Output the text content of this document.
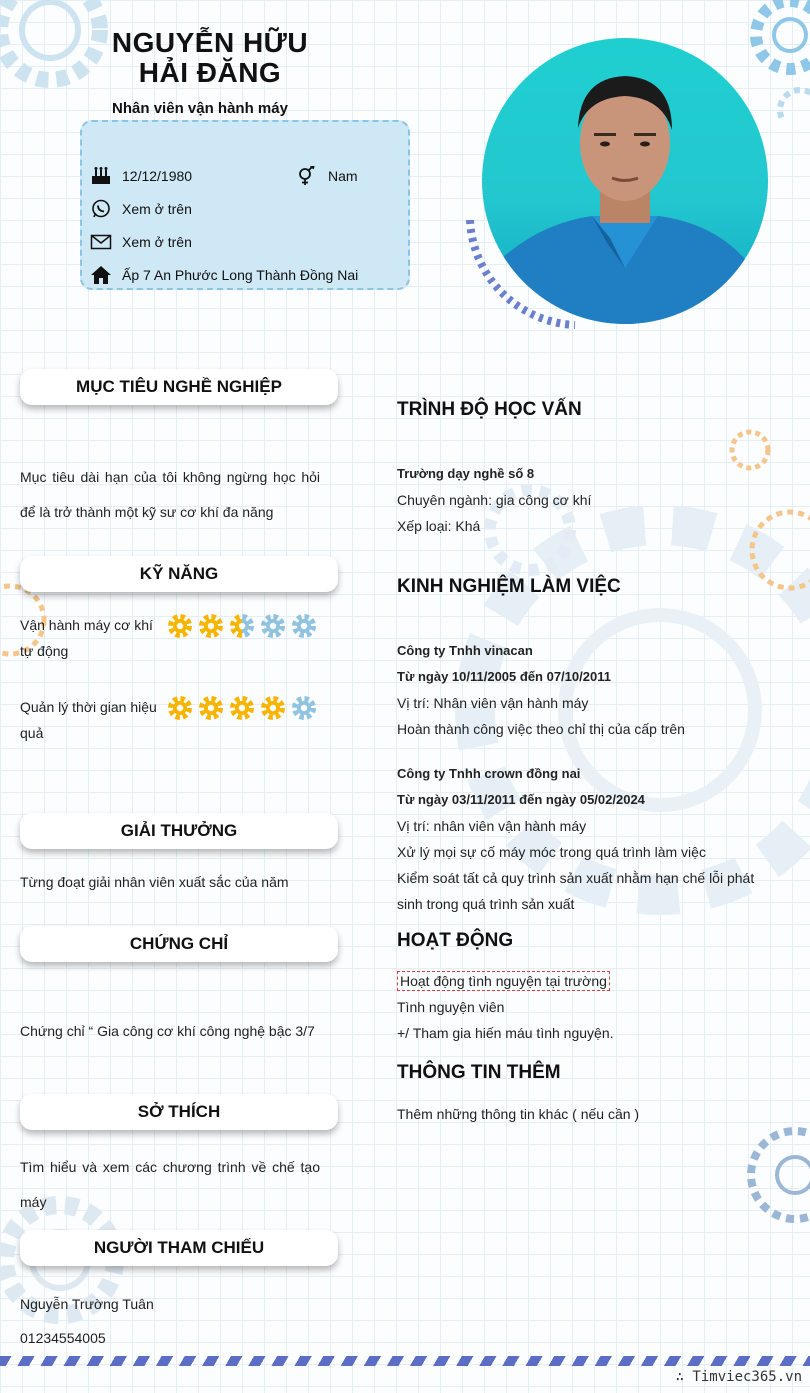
NGUYỄN HỮU
HẢI ĐĂNG
Nhân viên vận hành máy
12/12/1980	Nam
Xem ở trên
Xem ở trên
Ấp 7 An Phước Long Thành Đồng Nai
MỤC TIÊU NGHỀ NGHIỆP
Mục tiêu dài hạn của tôi không ngừng học hỏi để là trở thành một kỹ sư cơ khí đa năng
KỸ NĂNG
Vận hành máy cơ khí tự động
Quản lý thời gian hiệu quả
GIẢI THƯỞNG
Từng đoạt giải nhân viên xuất sắc của năm
CHỨNG CHỈ
Chứng chỉ “ Gia công cơ khí công nghệ bậc 3/7
SỞ THÍCH
Tìm hiểu và xem các chương trình về chế tạo máy
NGƯỜI THAM CHIẾU
Nguyễn Trường Tuân
01234554005
TRÌNH ĐỘ HỌC VẤN
Trường dạy nghề số 8
Chuyên ngành: gia công cơ khí
Xếp loại: Khá
KINH NGHIỆM LÀM VIỆC
Công ty Tnhh vinacan
Từ ngày 10/11/2005 đến 07/10/2011
Vị trí: Nhân viên vận hành máy
Hoàn thành công việc theo chỉ thị của cấp trên
Công ty Tnhh crown đồng nai
Từ ngày 03/11/2011 đến ngày 05/02/2024
Vị trí: nhân viên vận hành máy
Xử lý mọi sự cố máy móc trong quá trình làm việc
Kiểm soát tất cả quy trình sản xuất nhằm hạn chế lỗi phát sinh trong quá trình sản xuất
HOẠT ĐỘNG
Hoạt động tình nguyện tại trường
Tình nguyện viên
+/ Tham gia hiến máu tình nguyện.
THÔNG TIN THÊM
Thêm những thông tin khác ( nếu cần )
∴ Timviec365.vn
